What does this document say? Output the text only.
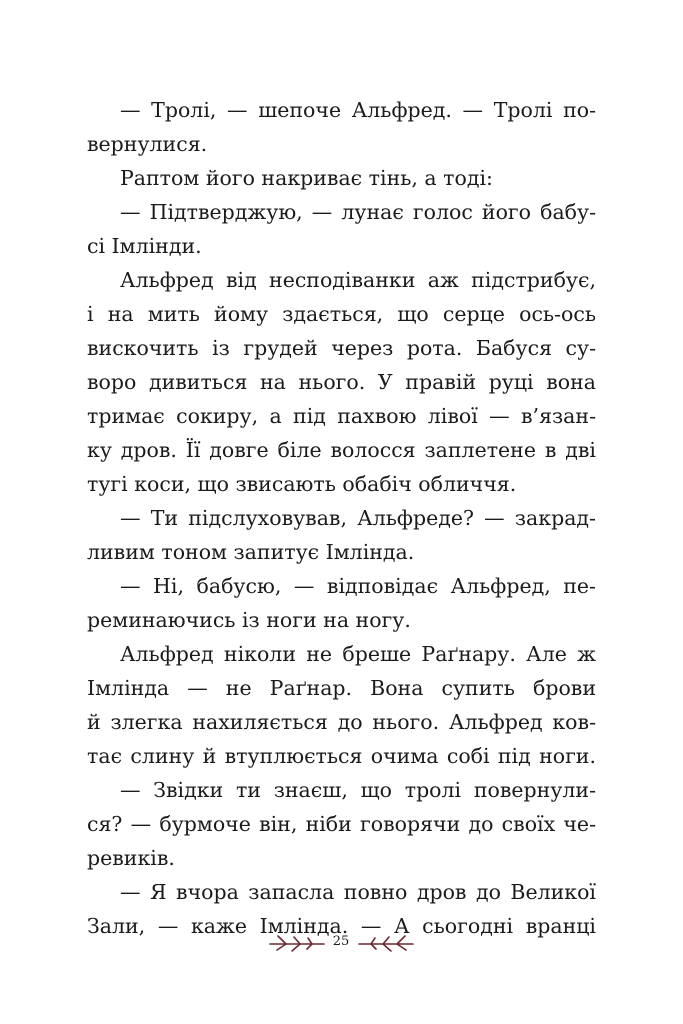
— Тролі, — шепоче Альфред. — Тролі по-
вернулися.
Раптом його накриває тінь, а тоді:
— Підтверджую, — лунає голос його бабу-
сі Імлінди.
Альфред від несподіванки аж підстрибує,
і на мить йому здається, що серце ось-ось
вискочить із грудей через рота. Бабуся су-
воро дивиться на нього. У правій руці вона
тримає сокиру, а під пахвою лівої — в’язан-
ку дров. Її довге біле волосся заплетене в дві
тугі коси, що звисають обабіч обличчя.
— Ти підслуховував, Альфреде? — закрад-
ливим тоном запитує Імлінда.
— Ні, бабусю, — відповідає Альфред, пе-
реминаючись із ноги на ногу.
Альфред ніколи не бреше Раґнару. Але ж
Імлінда — не Раґнар. Вона супить брови
й злегка нахиляється до нього. Альфред ков-
тає слину й втуплюється очима собі під ноги.
— Звідки ти знаєш, що тролі повернули-
ся? — бурмоче він, ніби говорячи до своїх че-
ревиків.
— Я вчора запасла повно дров до Великої
Зали, — каже Імлінда. — А сьогодні вранці
25
